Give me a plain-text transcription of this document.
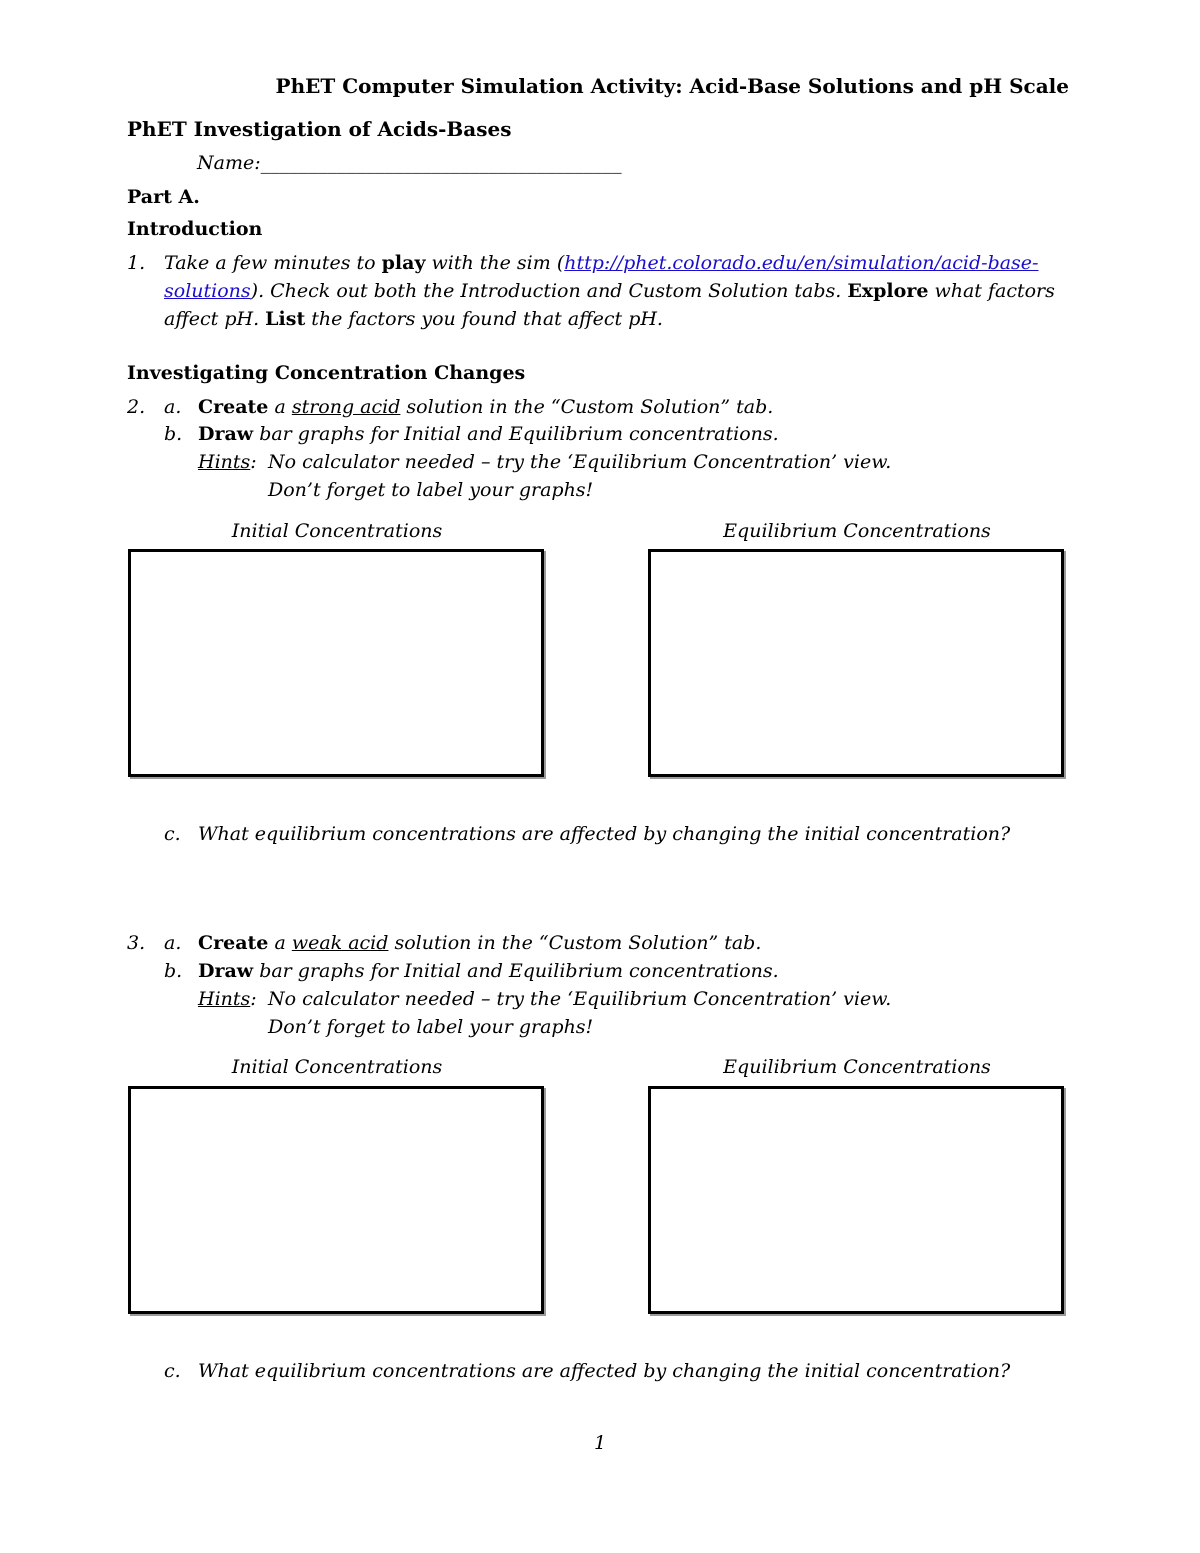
PhET Computer Simulation Activity: Acid-Base Solutions and pH Scale
PhET Investigation of Acids-Bases
Name:______________________________________
Part A.
Introduction
1. Take a few minutes to play with the sim (http://phet.colorado.edu/en/simulation/acid-base-
solutions). Check out both the Introduction and Custom Solution tabs. Explore what factors
affect pH. List the factors you found that affect pH.
Investigating Concentration Changes
2. a. Create a strong acid solution in the “Custom Solution” tab.
b. Draw bar graphs for Initial and Equilibrium concentrations.
Hints: No calculator needed – try the ‘Equilibrium Concentration’ view.
Don’t forget to label your graphs!
Initial Concentrations	Equilibrium Concentrations
c. What equilibrium concentrations are affected by changing the initial concentration?
3. a. Create a weak acid solution in the “Custom Solution” tab.
b. Draw bar graphs for Initial and Equilibrium concentrations.
Hints: No calculator needed – try the ‘Equilibrium Concentration’ view.
Don’t forget to label your graphs!
Initial Concentrations	Equilibrium Concentrations
c. What equilibrium concentrations are affected by changing the initial concentration?
1
